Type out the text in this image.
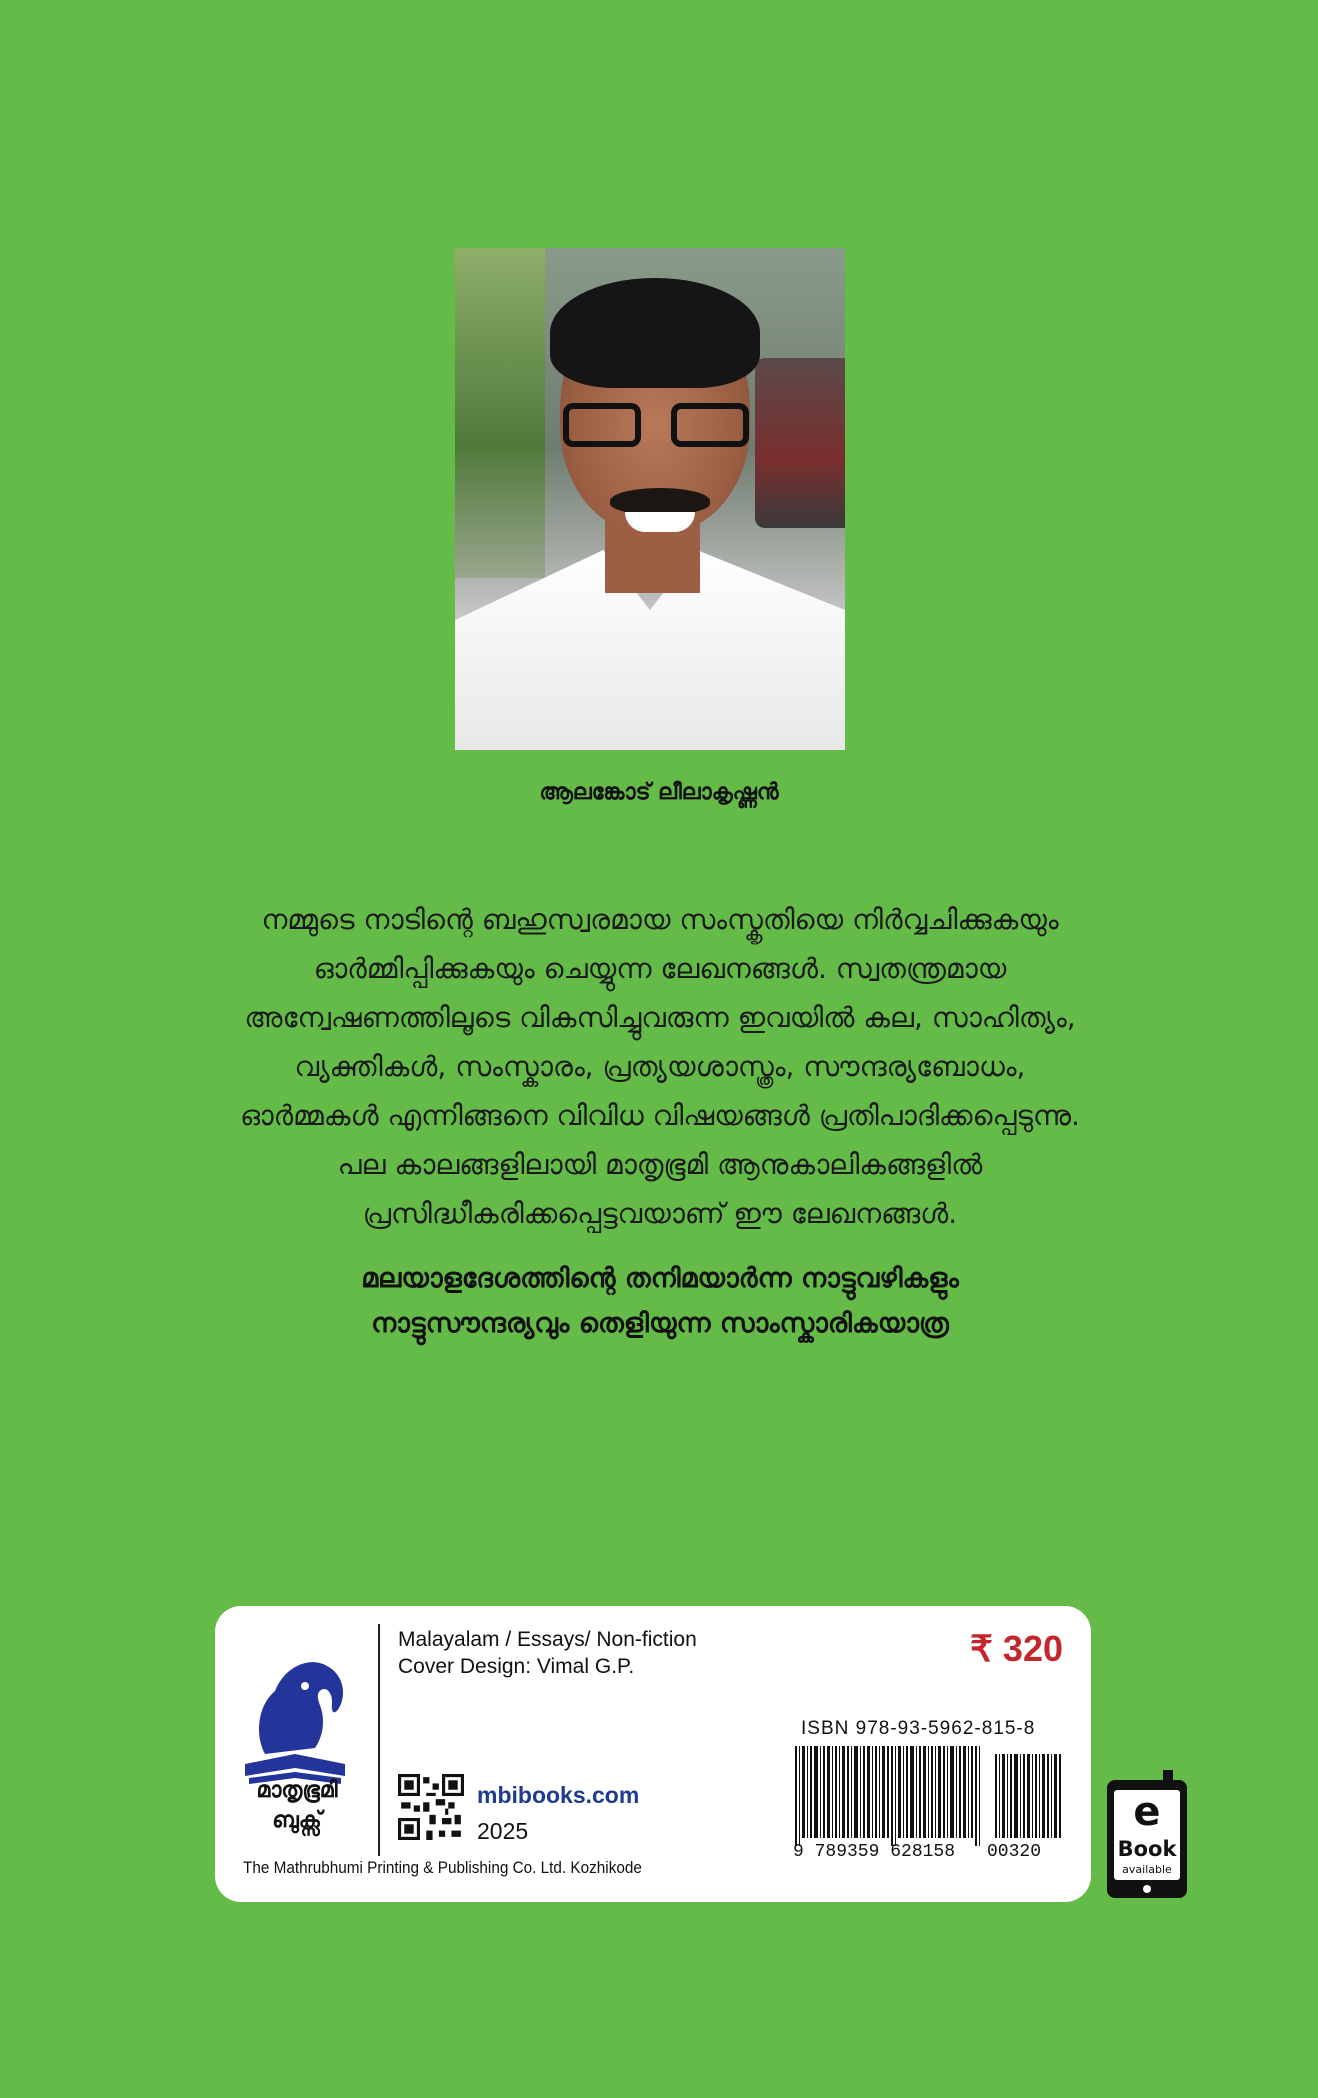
ആലങ്കോട് ലീലാകൃഷ്ണൻ

നമ്മുടെ നാടിന്റെ ബഹുസ്വരമായ സംസ്കൃതിയെ നിർവ്വചിക്കുകയും

ഓർമ്മിപ്പിക്കുകയും ചെയ്യുന്ന ലേഖനങ്ങൾ. സ്വതന്ത്രമായ

അന്വേഷണത്തിലൂടെ വികസിച്ചുവരുന്ന ഇവയിൽ കല, സാഹിത്യം,

വ്യക്തികൾ, സംസ്കാരം, പ്രത്യയശാസ്ത്രം, സൗന്ദര്യബോധം,

ഓർമ്മകൾ എന്നിങ്ങനെ വിവിധ വിഷയങ്ങൾ പ്രതിപാദിക്കപ്പെടുന്നു.

പല കാലങ്ങളിലായി മാതൃഭൂമി ആനുകാലികങ്ങളിൽ

പ്രസിദ്ധീകരിക്കപ്പെട്ടവയാണ് ഈ ലേഖനങ്ങൾ.

മലയാളദേശത്തിന്റെ തനിമയാർന്ന നാട്ടുവഴികളും

നാട്ടുസൗന്ദര്യവും തെളിയുന്ന സാംസ്കാരികയാത്ര

മാതൃഭൂമി
ബുക്സ്
The Mathrubhumi Printing & Publishing Co. Ltd. Kozhikode
Malayalam / Essays/ Non-fiction
Cover Design: Vimal G.P.
mbibooks.com
2025
₹ 320
ISBN 978-93-5962-815-8
9 789359 628158 00320
e
Book
available
